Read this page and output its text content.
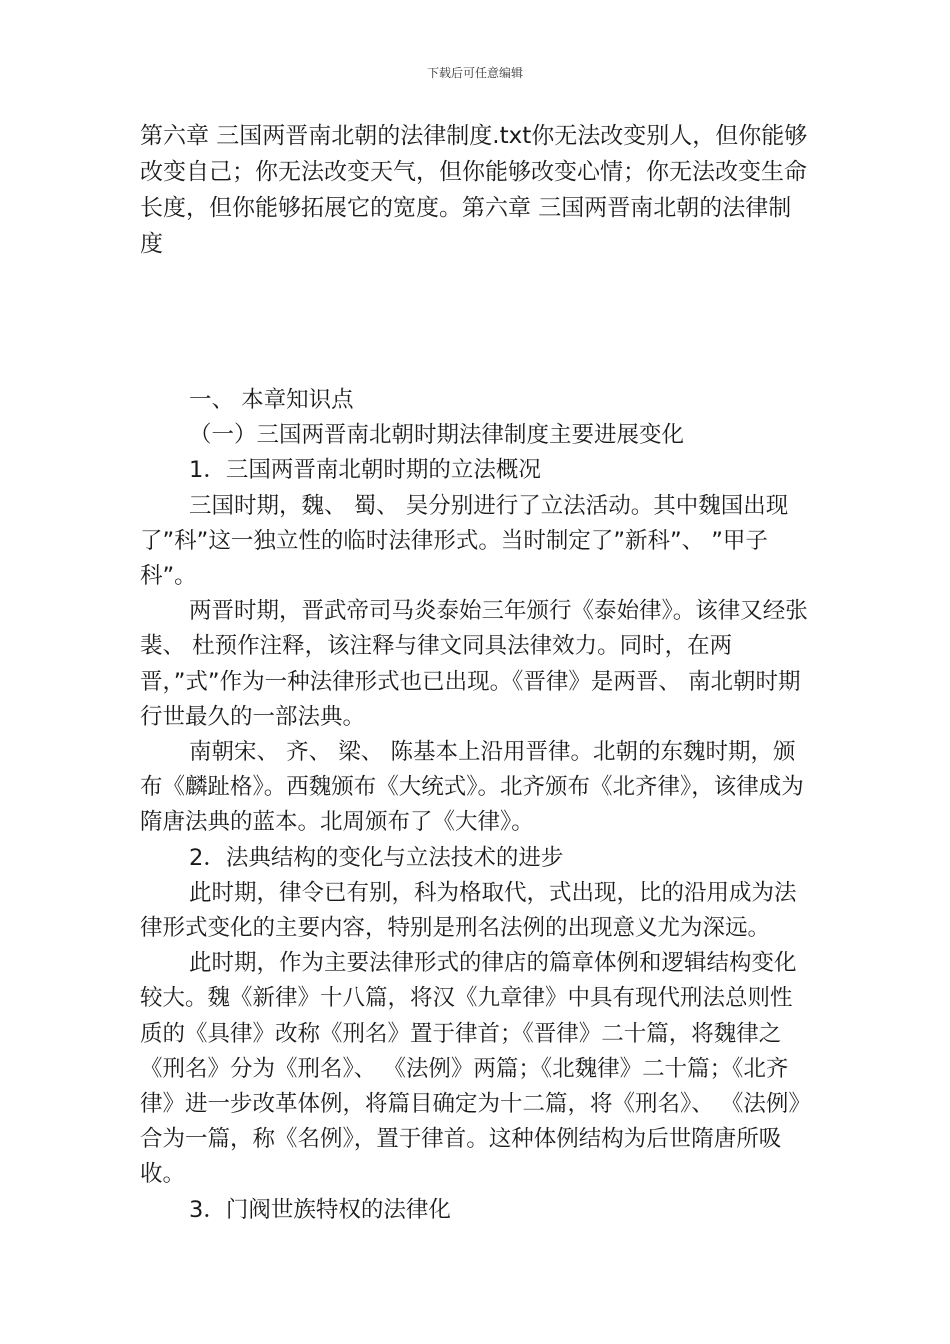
下载后可任意编辑

第六章 三国两晋南北朝的法律制度.txt你无法改变别人，但你能够改变自己；你无法改变天气，但你能够改变心情；你无法改变生命长度，但你能够拓展它的宽度。第六章 三国两晋南北朝的法律制度

一、 本章知识点

（一）三国两晋南北朝时期法律制度主要进展变化

1．三国两晋南北朝时期的立法概况

三国时期，魏、 蜀、 吴分别进行了立法活动。其中魏国出现了”科”这一独立性的临时法律形式。当时制定了”新科”、 ”甲子科”。

两晋时期，晋武帝司马炎泰始三年颁行《泰始律》。该律又经张裴、 杜预作注释，该注释与律文同具法律效力。同时，在两晋，”式”作为一种法律形式也已出现。《晋律》是两晋、 南北朝时期行世最久的一部法典。

南朝宋、 齐、 梁、 陈基本上沿用晋律。北朝的东魏时期，颁布《麟趾格》。西魏颁布《大统式》。北齐颁布《北齐律》，该律成为隋唐法典的蓝本。北周颁布了《大律》。

2．法典结构的变化与立法技术的进步

此时期，律令已有别，科为格取代，式出现，比的沿用成为法律形式变化的主要内容，特别是刑名法例的出现意义尤为深远。

此时期，作为主要法律形式的律店的篇章体例和逻辑结构变化较大。魏《新律》十八篇，将汉《九章律》中具有现代刑法总则性质的《具律》改称《刑名》置于律首；《晋律》二十篇，将魏律之《刑名》分为《刑名》、 《法例》两篇；《北魏律》二十篇；《北齐律》进一步改革体例，将篇目确定为十二篇，将《刑名》、 《法例》合为一篇，称《名例》，置于律首。这种体例结构为后世隋唐所吸收。

3．门阀世族特权的法律化
